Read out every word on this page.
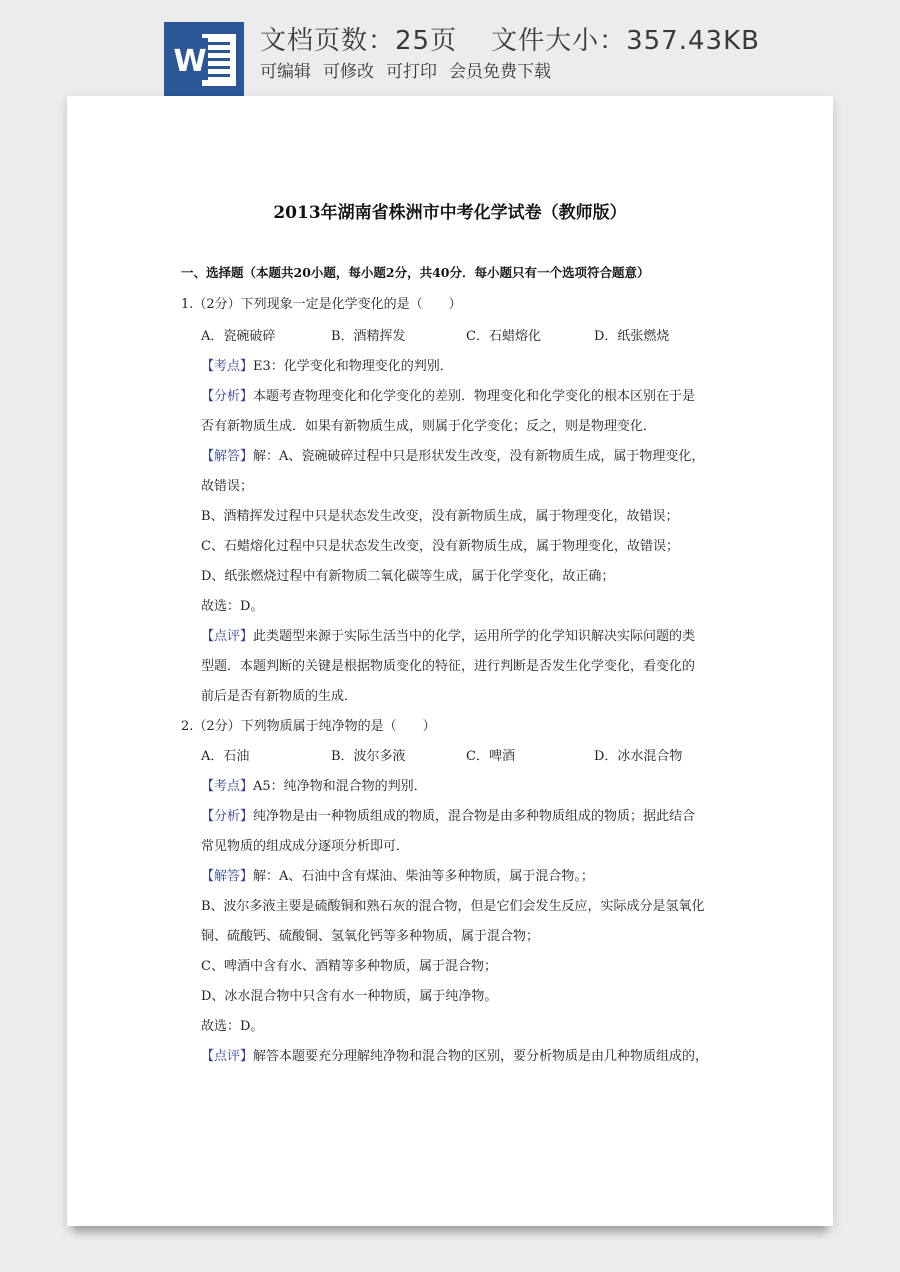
W
文档页数：25页 文件大小：357.43KB
可编辑 可修改 可打印 会员免费下载
2013年湖南省株洲市中考化学试卷（教师版）
一、选择题（本题共20小题，每小题2分，共40分．每小题只有一个选项符合题意）
1.（2分）下列现象一定是化学变化的是（　　）
A．瓷碗破碎	B．酒精挥发	C．石蜡熔化	D．纸张燃烧
【考点】E3：化学变化和物理变化的判别．
【分析】本题考查物理变化和化学变化的差别．物理变化和化学变化的根本区别在于是
否有新物质生成．如果有新物质生成，则属于化学变化；反之，则是物理变化．
【解答】解：A、瓷碗破碎过程中只是形状发生改变，没有新物质生成，属于物理变化，
故错误；
B、酒精挥发过程中只是状态发生改变，没有新物质生成，属于物理变化，故错误；
C、石蜡熔化过程中只是状态发生改变，没有新物质生成，属于物理变化，故错误；
D、纸张燃烧过程中有新物质二氧化碳等生成，属于化学变化，故正确；
故选：D。
【点评】此类题型来源于实际生活当中的化学，运用所学的化学知识解决实际问题的类
型题．本题判断的关键是根据物质变化的特征，进行判断是否发生化学变化，看变化的
前后是否有新物质的生成．
2.（2分）下列物质属于纯净物的是（　　）
A．石油	B．波尔多液	C．啤酒	D．冰水混合物
【考点】A5：纯净物和混合物的判别．
【分析】纯净物是由一种物质组成的物质，混合物是由多种物质组成的物质；据此结合
常见物质的组成成分逐项分析即可．
【解答】解：A、石油中含有煤油、柴油等多种物质，属于混合物。；
B、波尔多液主要是硫酸铜和熟石灰的混合物，但是它们会发生反应，实际成分是氢氧化
铜、硫酸钙、硫酸铜、氢氧化钙等多种物质，属于混合物；
C、啤酒中含有水、酒精等多种物质，属于混合物；
D、冰水混合物中只含有水一种物质，属于纯净物。
故选：D。
【点评】解答本题要充分理解纯净物和混合物的区别，要分析物质是由几种物质组成的，
